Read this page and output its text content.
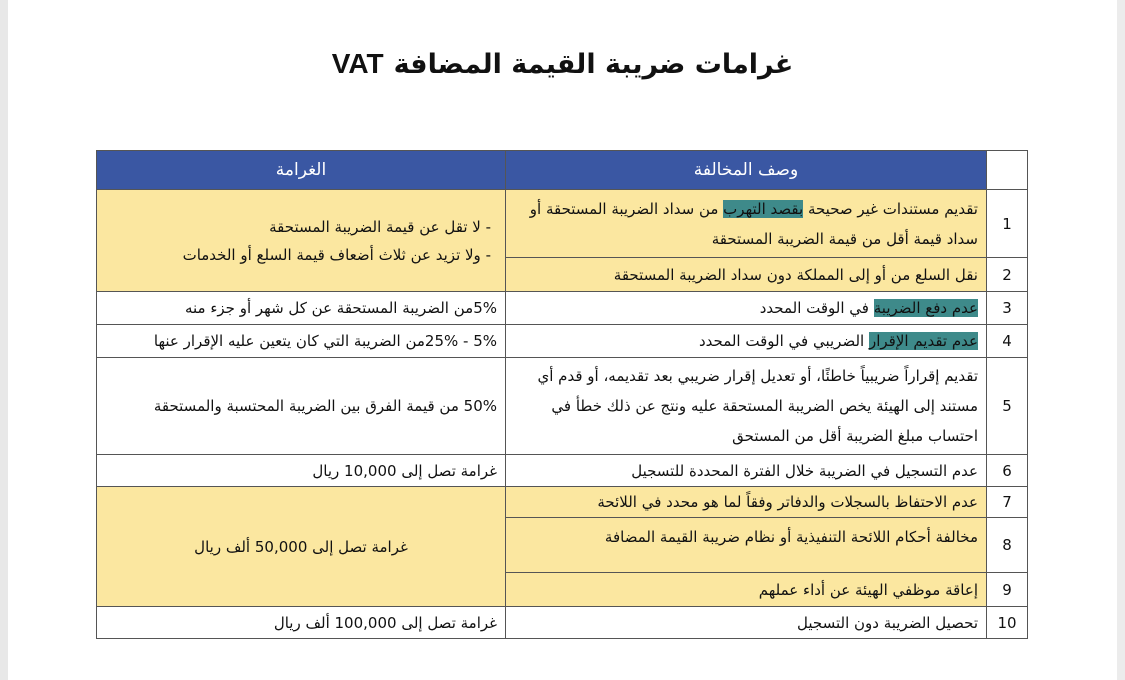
غرامات ضريبة القيمة المضافةVAT
	وصف المخالفة	الغرامة
1	تقديم مستندات غير صحيحة بقصد التهرب من سداد الضريبة المستحقة أو سداد قيمة أقل من قيمة الضريبة المستحقة	- لا تقل عن قيمة الضريبة المستحقة
- ولا تزيد عن ثلاث أضعاف قيمة السلع أو الخدمات

2	نقل السلع من أو إلى المملكة دون سداد الضريبة المستحقة	
3	عدم دفع الضريبة في الوقت المحدد	5%من الضريبة المستحقة عن كل شهر أو جزء منه
4	عدم تقديم الإقرار الضريبي في الوقت المحدد	5% - 25%من الضريبة التي كان يتعين عليه الإقرار عنها
5	تقديم إقراراً ضريبياً خاطئًا، أو تعديل إقرار ضريبي بعد تقديمه، أو قدم أي مستند إلى الهيئة يخص الضريبة المستحقة عليه ونتج عن ذلك خطأ في احتساب مبلغ الضريبة أقل من المستحق	50% من قيمة الفرق بين الضريبة المحتسبة والمستحقة
6	عدم التسجيل في الضريبة خلال الفترة المحددة للتسجيل	غرامة تصل إلى 10,000 ريال
7	عدم الاحتفاظ بالسجلات والدفاتر وفقاً لما هو محدد في اللائحة	غرامة تصل إلى 50,000 ألف ريال
8	مخالفة أحكام اللائحة التنفيذية أو نظام ضريبة القيمة المضافة	
9	إعاقة موظفي الهيئة عن أداء عملهم	
10	تحصيل الضريبة دون التسجيل	غرامة تصل إلى 100,000 ألف ريال
